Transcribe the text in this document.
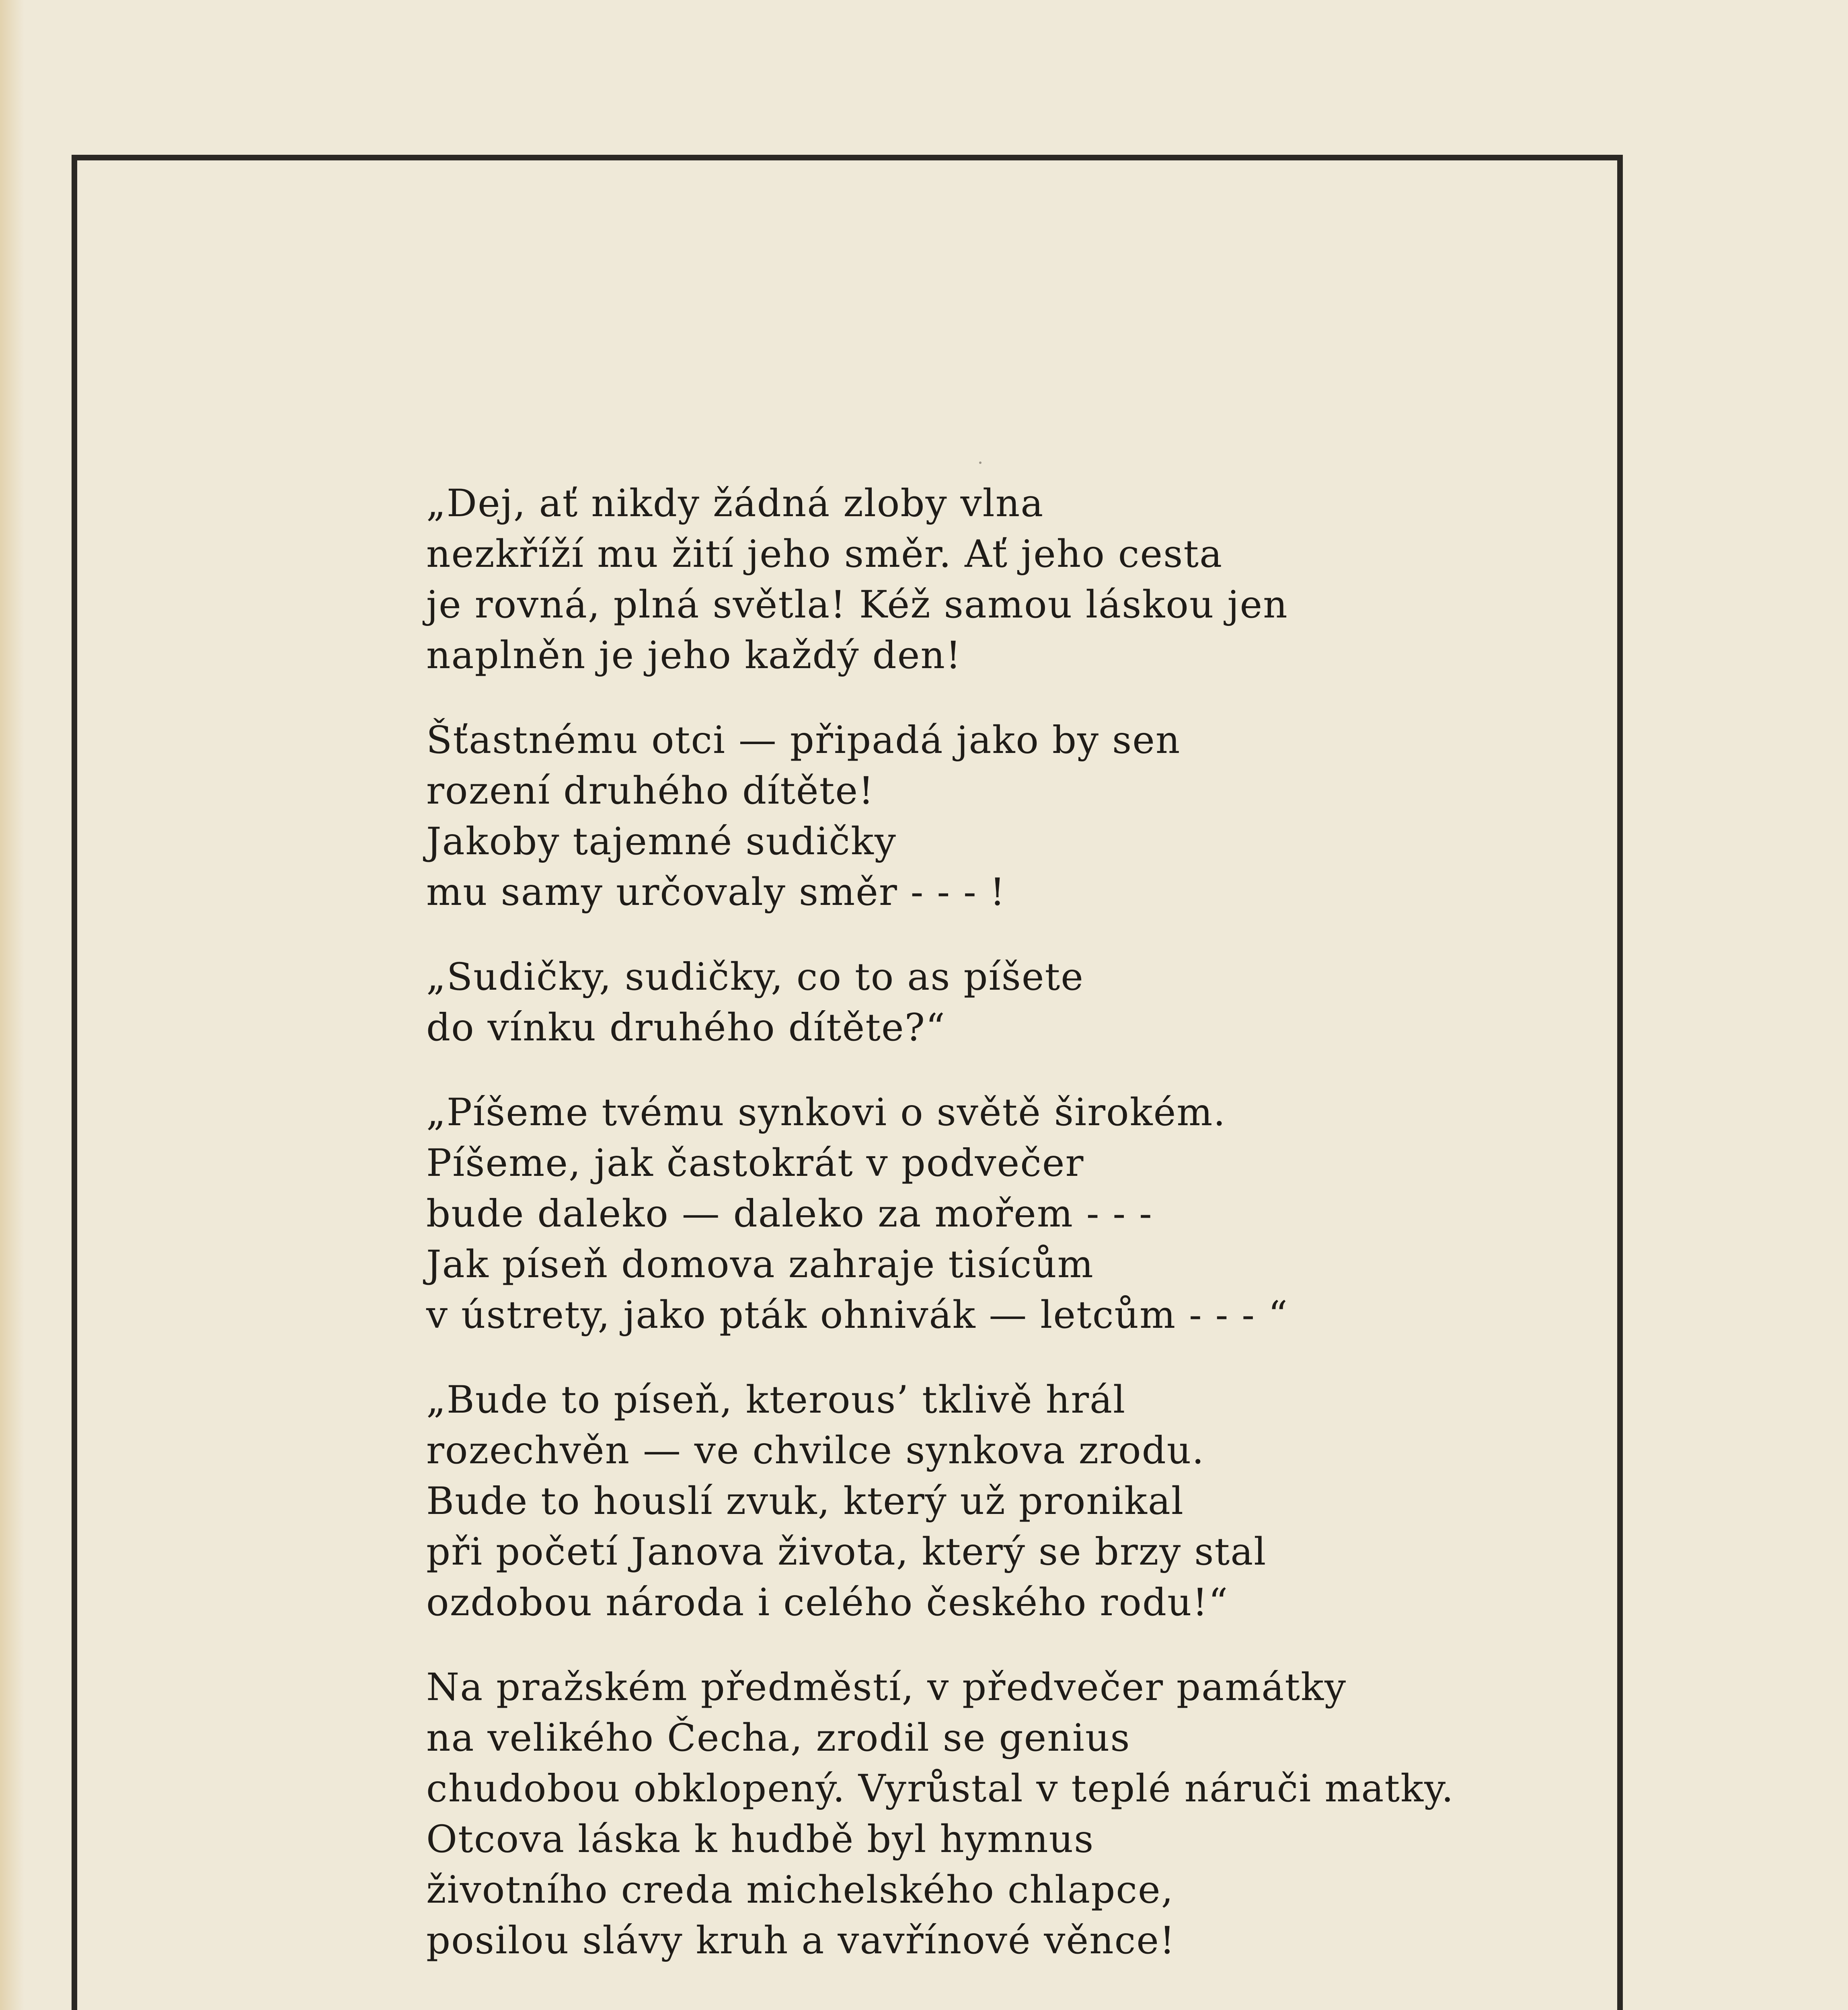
„Dej, ať nikdy žádná zloby vlna
nezkříží mu žití jeho směr. Ať jeho cesta
je rovná, plná světla! Kéž samou láskou jen
naplněn je jeho každý den!
Šťastnému otci — připadá jako by sen
rození druhého dítěte!
Jakoby tajemné sudičky
mu samy určovaly směr - - - !
„Sudičky, sudičky, co to as píšete
do vínku druhého dítěte?“
„Píšeme tvému synkovi o světě širokém.
Píšeme, jak častokrát v podvečer
bude daleko — daleko za mořem - - -
Jak píseň domova zahraje tisícům
v ústrety, jako pták ohnivák — letcům - - - “
„Bude to píseň, kterous’ tklivě hrál
rozechvěn — ve chvilce synkova zrodu.
Bude to houslí zvuk, který už pronikal
při početí Janova života, který se brzy stal
ozdobou národa i celého českého rodu!“
Na pražském předměstí, v předvečer památky
na velikého Čecha, zrodil se genius
chudobou obklopený. Vyrůstal v teplé náruči matky.
Otcova láska k hudbě byl hymnus
životního creda michelského chlapce,
posilou slávy kruh a vavřínové věnce!
